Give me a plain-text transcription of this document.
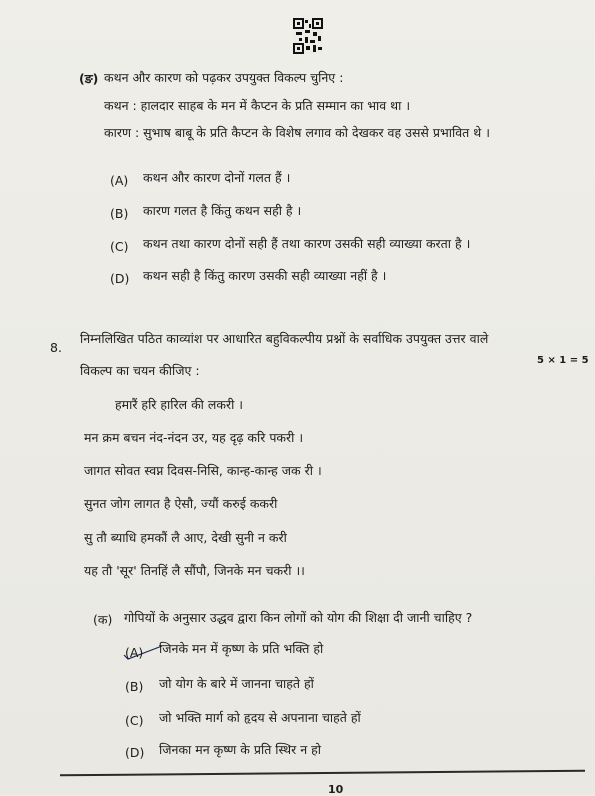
(ङ) कथन और कारण को पढ़कर उपयुक्त विकल्प चुनिए :
कथन : हालदार साहब के मन में कैप्टन के प्रति सम्मान का भाव था ।
कारण : सुभाष बाबू के प्रति कैप्टन के विशेष लगाव को देखकर वह उससे प्रभावित थे ।
(A) कथन और कारण दोनों गलत हैं ।
(B) कारण गलत है किंतु कथन सही है ।
(C) कथन तथा कारण दोनों सही हैं तथा कारण उसकी सही व्याख्या करता है ।
(D) कथन सही है किंतु कारण उसकी सही व्याख्या नहीं है ।
8.
निम्नलिखित पठित काव्यांश पर आधारित बहुविकल्पीय प्रश्नों के सर्वाधिक उपयुक्त उत्तर वाले
5 × 1 = 5
विकल्प का चयन कीजिए :
हमारैं हरि हारिल की लकरी ।
मन क्रम बचन नंद-नंदन उर, यह दृढ़ करि पकरी ।
जागत सोवत स्वप्न दिवस-निसि, कान्ह-कान्ह जक री ।
सुनत जोग लागत है ऐसौ, ज्यौं करुई ककरी
सु तौ ब्याधि हमकौं लै आए, देखी सुनी न करी
यह तौ 'सूर' तिनहिं लै सौंपौ, जिनके मन चकरी ।।
(क) गोपियों के अनुसार उद्धव द्वारा किन लोगों को योग की शिक्षा दी जानी चाहिए ?
(A) जिनके मन में कृष्ण के प्रति भक्ति हो
(B) जो योग के बारे में जानना चाहते हों
(C) जो भक्ति मार्ग को हृदय से अपनाना चाहते हों
(D) जिनका मन कृष्ण के प्रति स्थिर न हो
10
